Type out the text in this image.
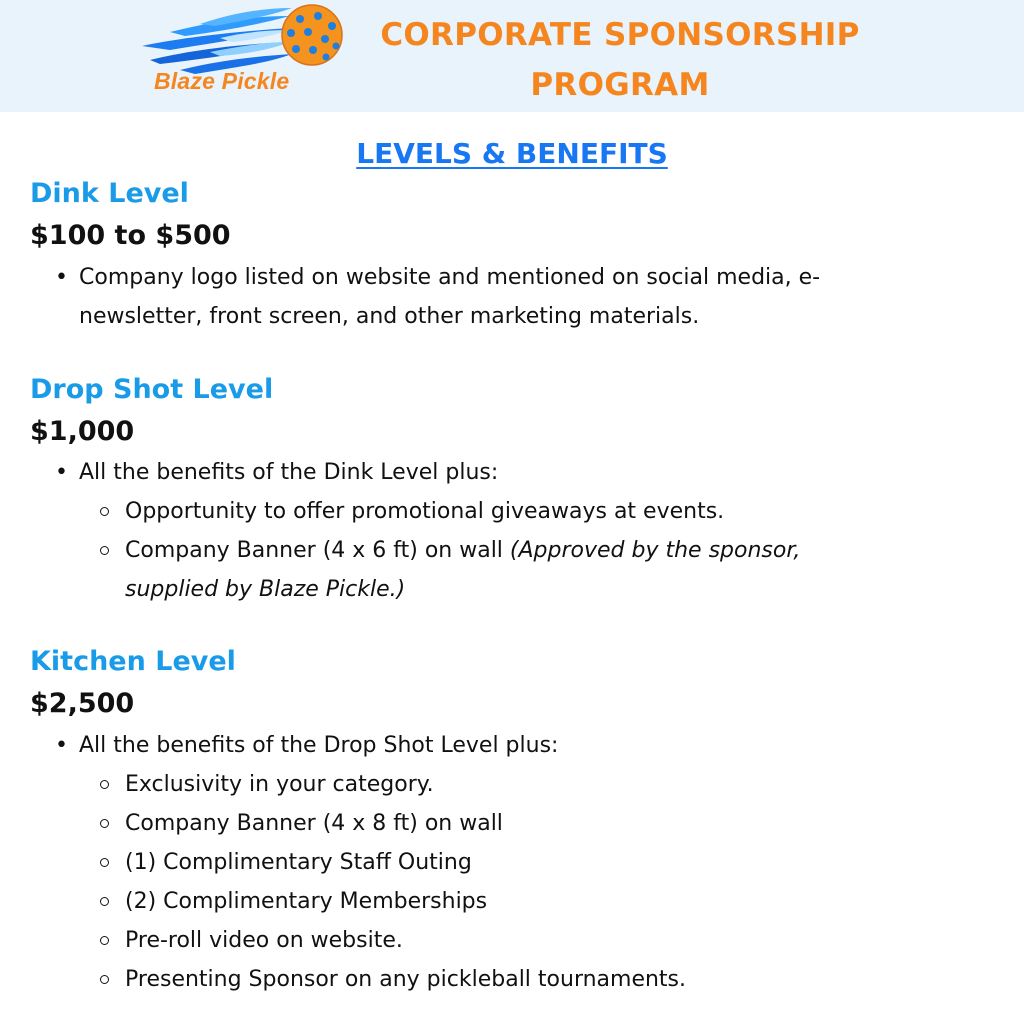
Blaze Pickle
CORPORATE SPONSORSHIP
PROGRAM
LEVELS & BENEFITS
Dink Level
$100 to $500
• Company logo listed on website and mentioned on social media, e-newsletter, front screen, and other marketing materials.
Drop Shot Level
$1,000
• All the benefits of the Dink Level plus:
Opportunity to offer promotional giveaways at events.
Company Banner (4 x 6 ft) on wall (Approved by the sponsor, supplied by Blaze Pickle.)
Kitchen Level
$2,500
• All the benefits of the Drop Shot Level plus:
Exclusivity in your category.
Company Banner (4 x 8 ft) on wall
(1) Complimentary Staff Outing
(2) Complimentary Memberships
Pre-roll video on website.
Presenting Sponsor on any pickleball tournaments.
